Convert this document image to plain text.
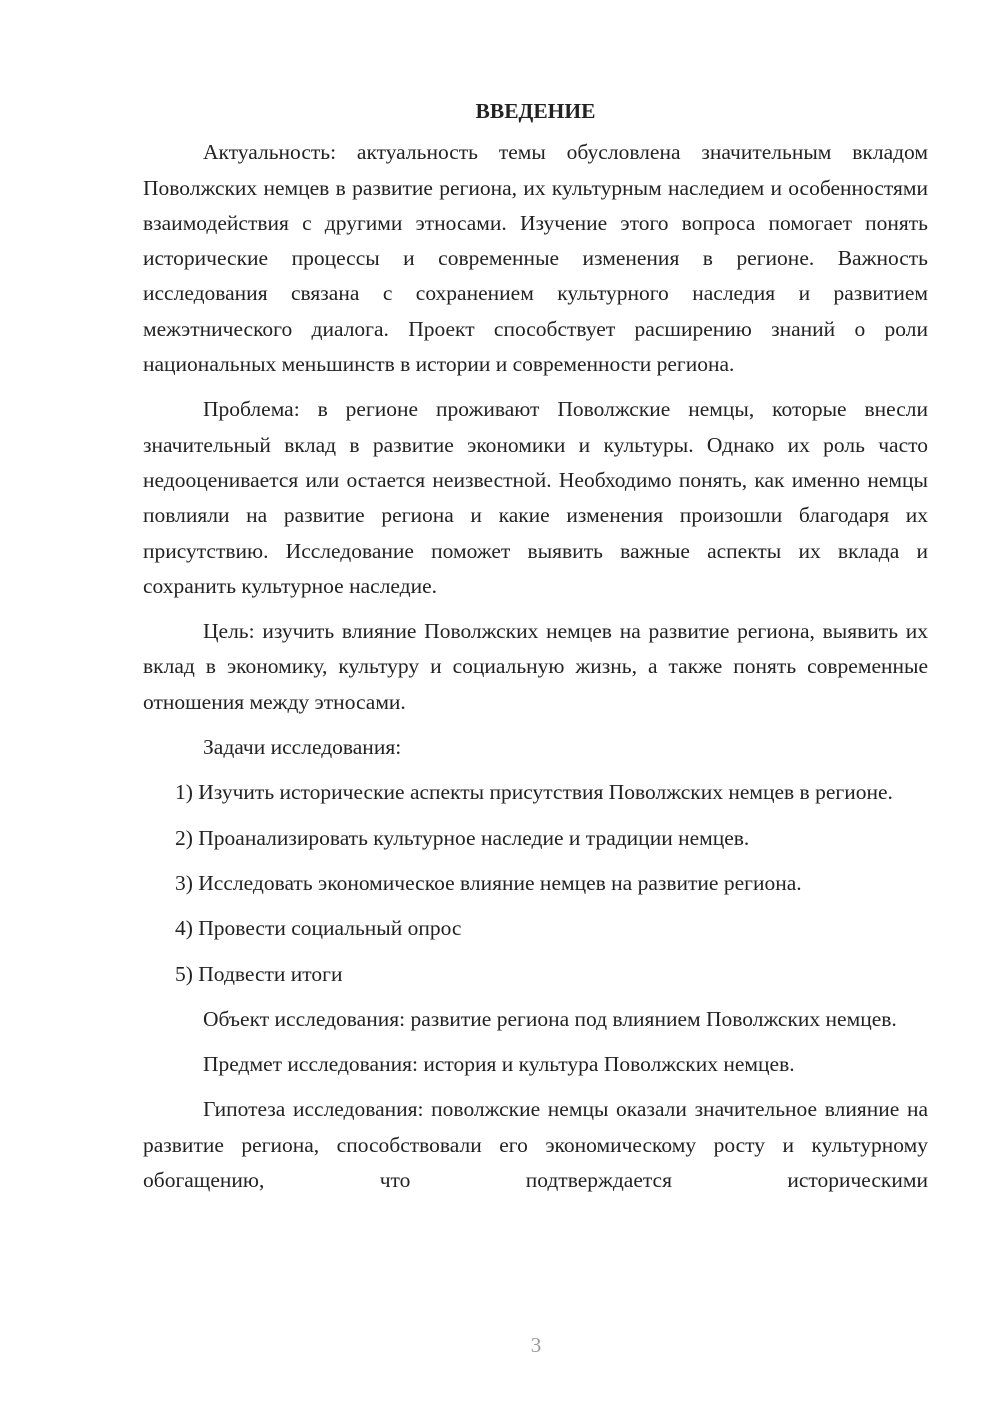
ВВЕДЕНИЕ

Актуальность: актуальность темы обусловлена значительным вкладом Поволжских немцев в развитие региона, их культурным наследием и особенностями взаимодействия с другими этносами. Изучение этого вопроса помогает понять исторические процессы и современные изменения в регионе. Важность исследования связана с сохранением культурного наследия и развитием межэтнического диалога. Проект способствует расширению знаний о роли национальных меньшинств в истории и современности региона.

Проблема: в регионе проживают Поволжские немцы, которые внесли значительный вклад в развитие экономики и культуры. Однако их роль часто недооценивается или остается неизвестной. Необходимо понять, как именно немцы повлияли на развитие региона и какие изменения произошли благодаря их присутствию. Исследование поможет выявить важные аспекты их вклада и сохранить культурное наследие.

Цель: изучить влияние Поволжских немцев на развитие региона, выявить их вклад в экономику, культуру и социальную жизнь, а также понять современные отношения между этносами.

Задачи исследования:

1) Изучить исторические аспекты присутствия Поволжских немцев в регионе.

2) Проанализировать культурное наследие и традиции немцев.

3) Исследовать экономическое влияние немцев на развитие региона.

4) Провести социальный опрос

5) Подвести итоги

Объект исследования: развитие региона под влиянием Поволжских немцев.

Предмет исследования: история и культура Поволжских немцев.

Гипотеза исследования: поволжские немцы оказали значительное влияние на развитие региона, способствовали его экономическому росту и культурному обогащению, что подтверждается историческими

3
